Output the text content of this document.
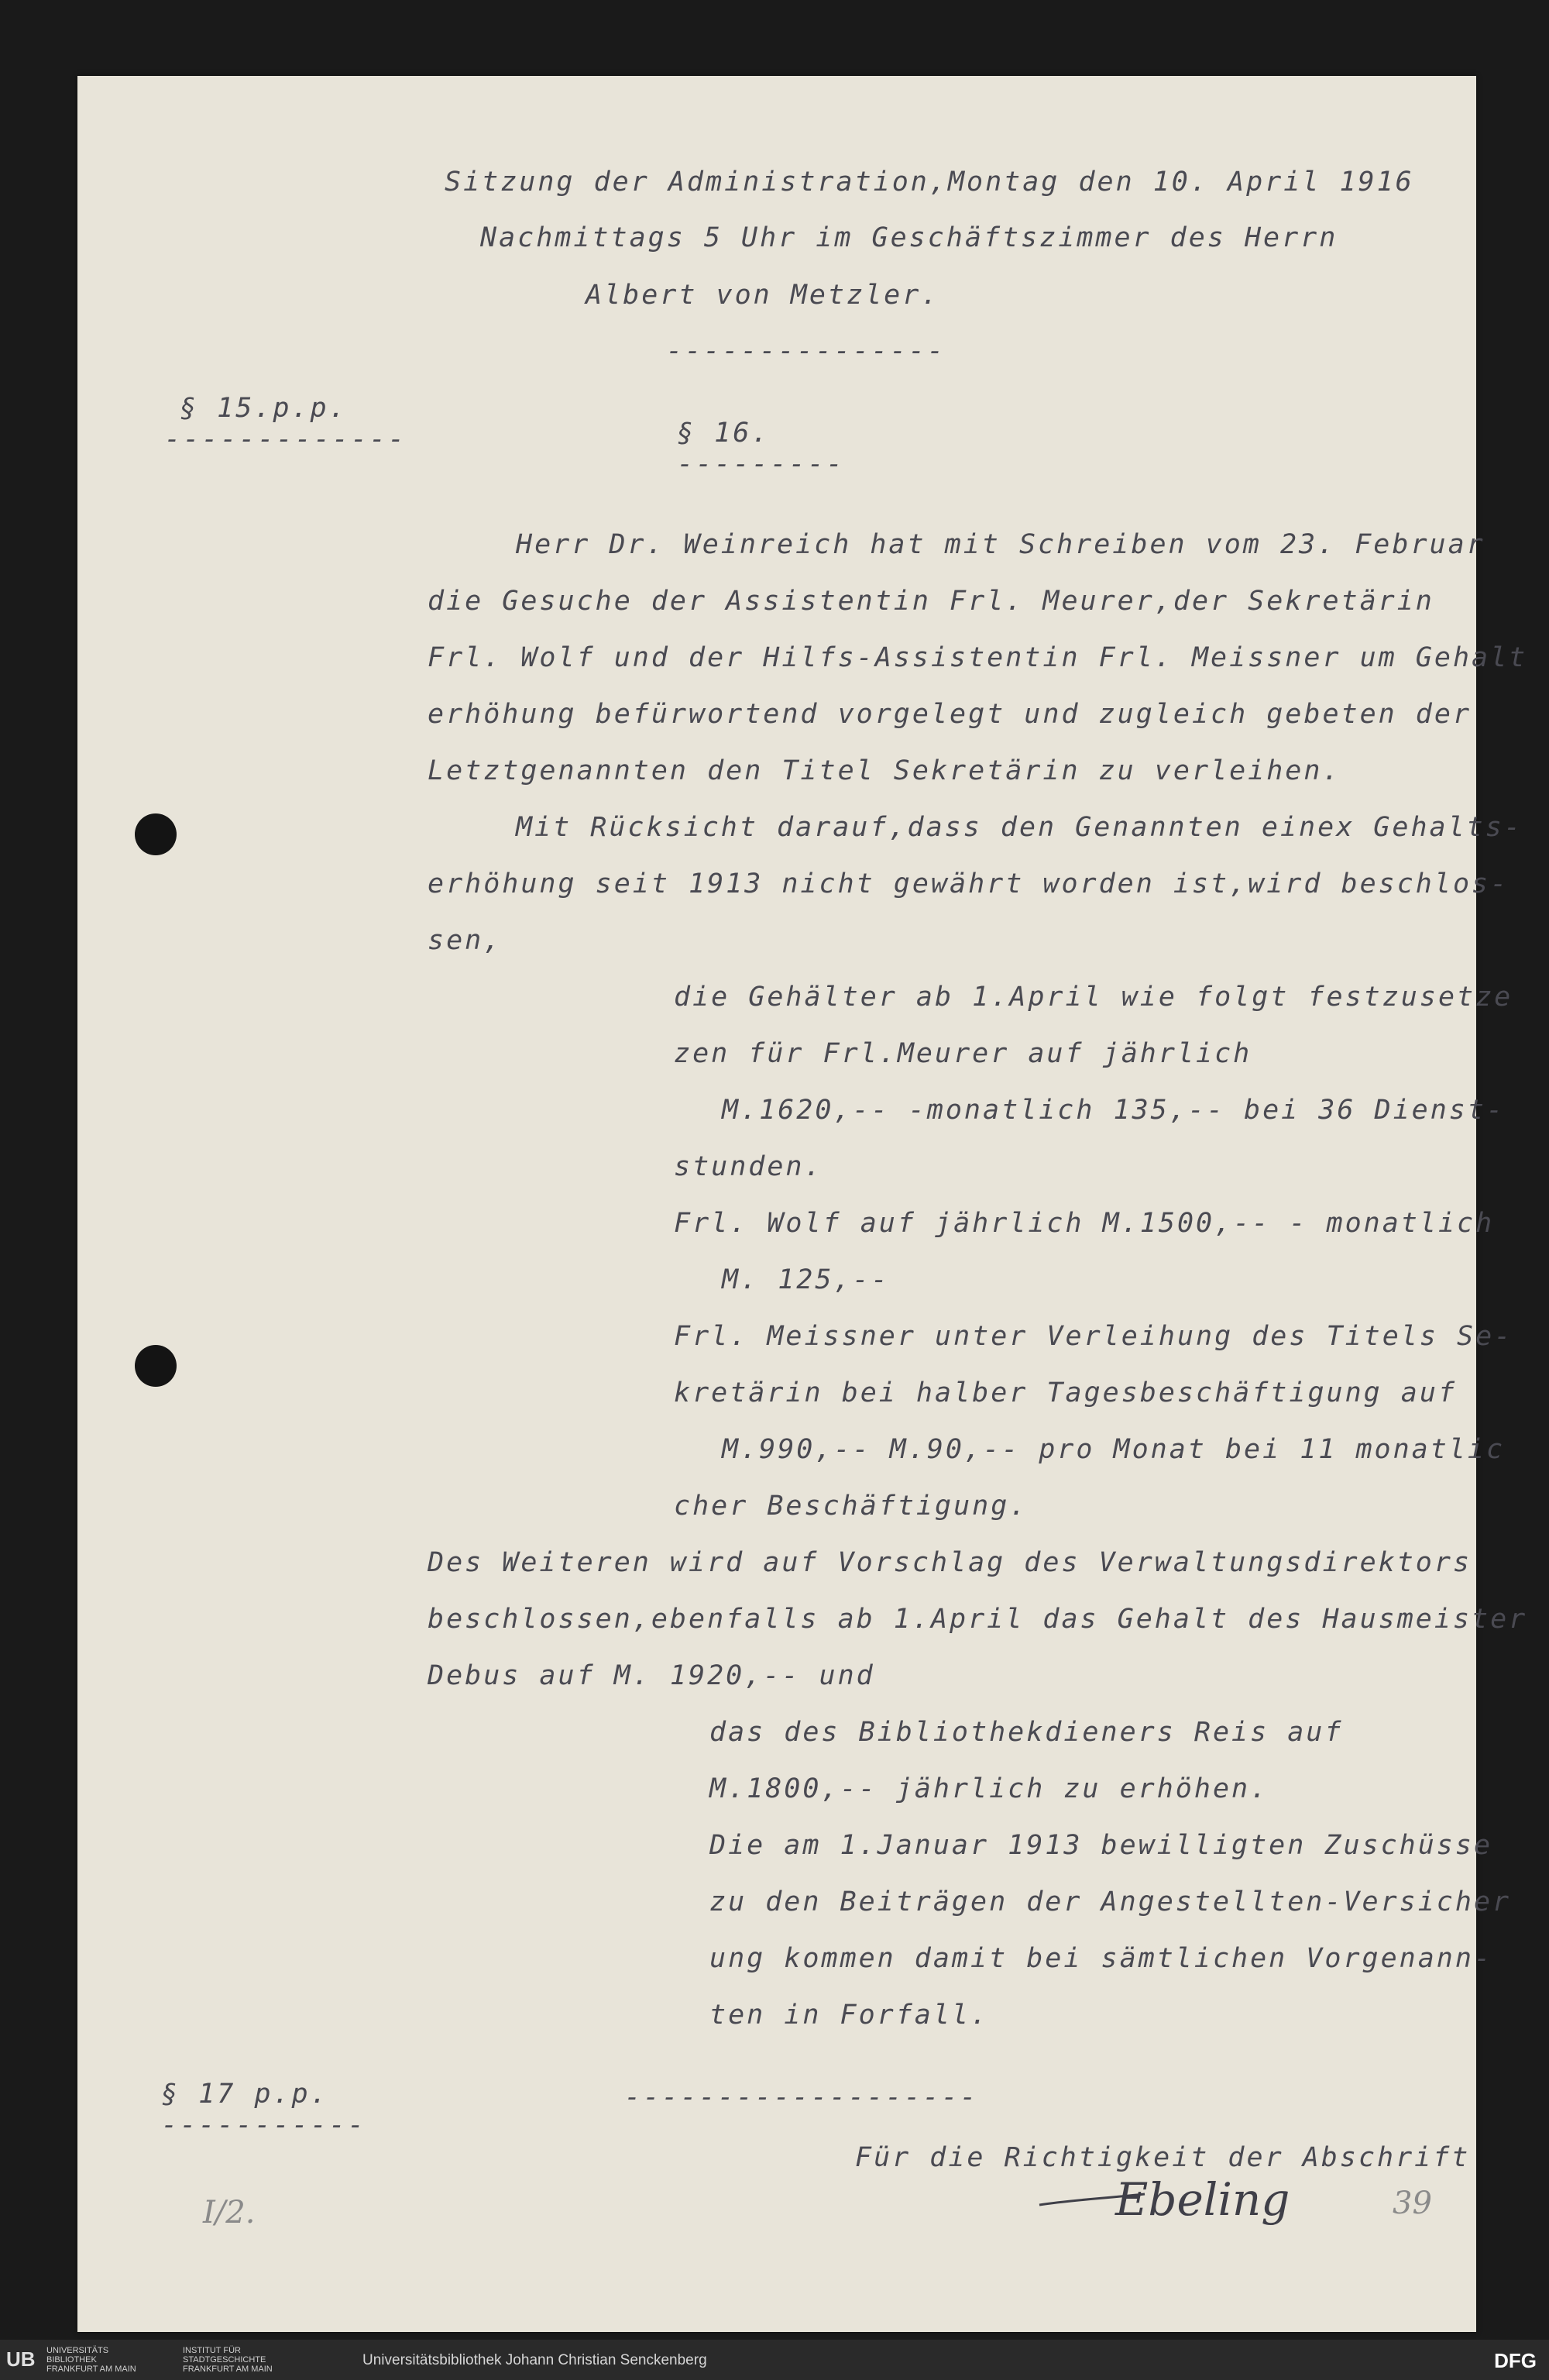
Sitzung der Administration,Montag den 10. April 1916
Nachmittags 5 Uhr im Geschäftszimmer des Herrn
Albert von Metzler.
---------------
§ 15.p.p.
-------------	§ 16.
---------
Herr Dr. Weinreich hat mit Schreiben vom 23. Februar
die Gesuche der Assistentin Frl. Meurer,der Sekretärin
Frl. Wolf und der Hilfs-Assistentin Frl. Meissner um Gehalt
erhöhung befürwortend vorgelegt und zugleich gebeten der
Letztgenannten den Titel Sekretärin zu verleihen.
Mit Rücksicht darauf,dass den Genannten einex Gehalts-
erhöhung seit 1913 nicht gewährt worden ist,wird beschlos-
sen,
die Gehälter ab 1.April wie folgt festzusetze
zen für Frl.Meurer auf jährlich
M.1620,-- -monatlich 135,-- bei 36 Dienst-
stunden.
Frl. Wolf auf jährlich M.1500,-- - monatlich
M. 125,--
Frl. Meissner unter Verleihung des Titels Se-
kretärin bei halber Tagesbeschäftigung auf
M.990,-- M.90,-- pro Monat bei 11 monatlic
cher Beschäftigung.
Des Weiteren wird auf Vorschlag des Verwaltungsdirektors
beschlossen,ebenfalls ab 1.April das Gehalt des Hausmeister
Debus auf M. 1920,-- und
das des Bibliothekdieners Reis auf
M.1800,-- jährlich zu erhöhen.
Die am 1.Januar 1913 bewilligten Zuschüsse
zu den Beiträgen der Angestellten-Versicher
ung kommen damit bei sämtlichen Vorgenann-
ten in Forfall.
§ 17 p.p.
-----------
-------------------
Für die Richtigkeit der Abschrift
Ebeling	39
I/2.
UB UNIVERSITÄTS
BIBLIOTHEK
FRANKFURT AM MAIN
INSTITUT FÜR
STADTGESCHICHTE
FRANKFURT AM MAIN
Universitätsbibliothek Johann Christian Senckenberg	DFG
